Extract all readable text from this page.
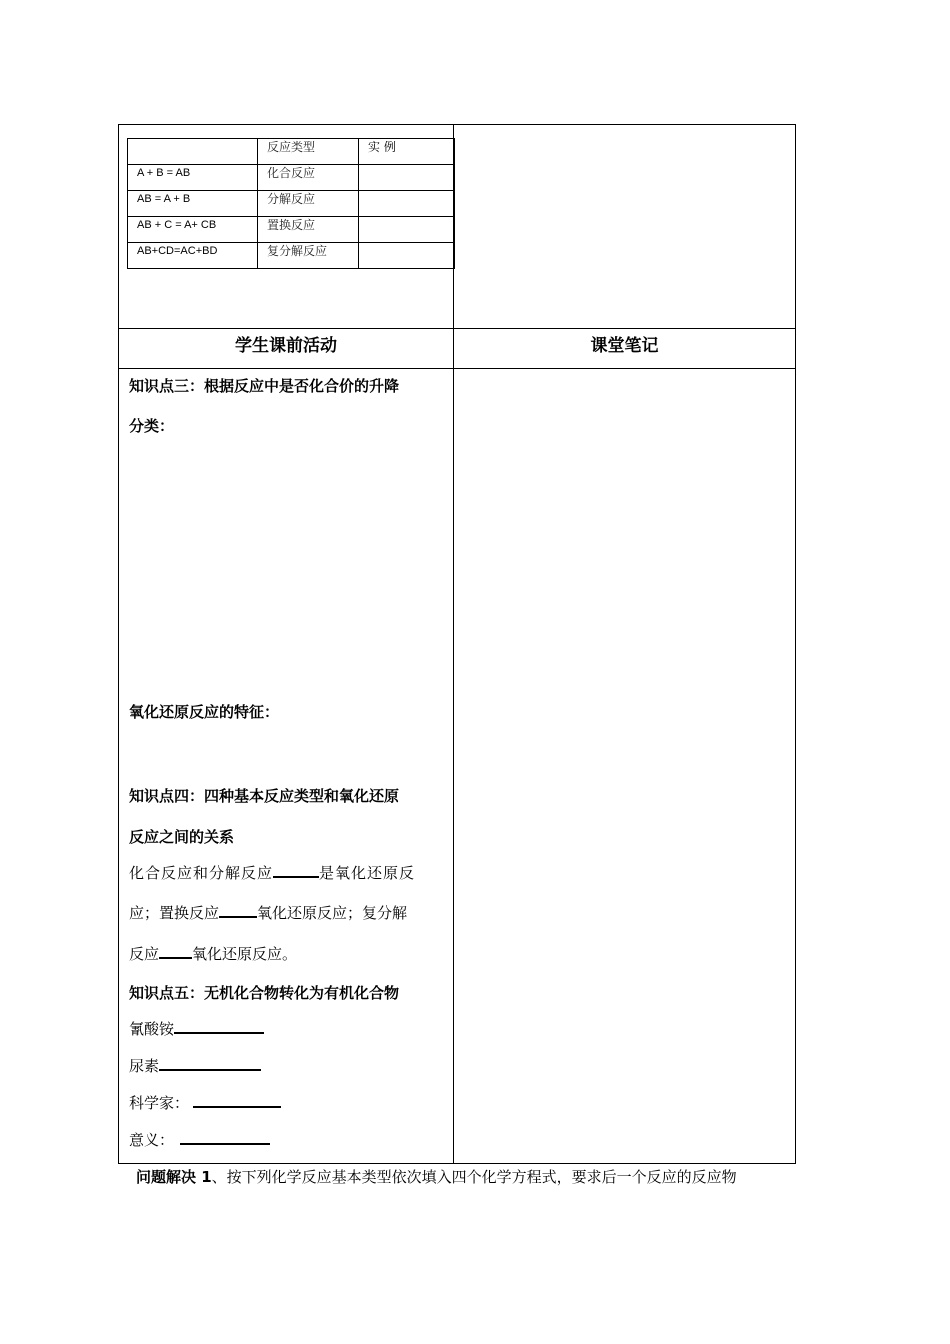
	反应类型	实 例
A + B = AB	化合反应	
AB = A + B	分解反应	
AB + C = A+ CB	置换反应	
AB+CD=AC+BD	复分解反应	
学生课前活动	课堂笔记
知识点三：根据反应中是否化合价的升降
分类：
氧化还原反应的特征：
知识点四：四种基本反应类型和氧化还原
反应之间的关系
化合反应和分解反应	是氧化还原反
应；置换反应	氧化还原反应；复分解
反应 氧化还原反应。
知识点五：无机化合物转化为有机化合物
氰酸铵
尿素
科学家：
意义：
问题解决 1、按下列化学反应基本类型依次填入四个化学方程式，要求后一个反应的反应物
